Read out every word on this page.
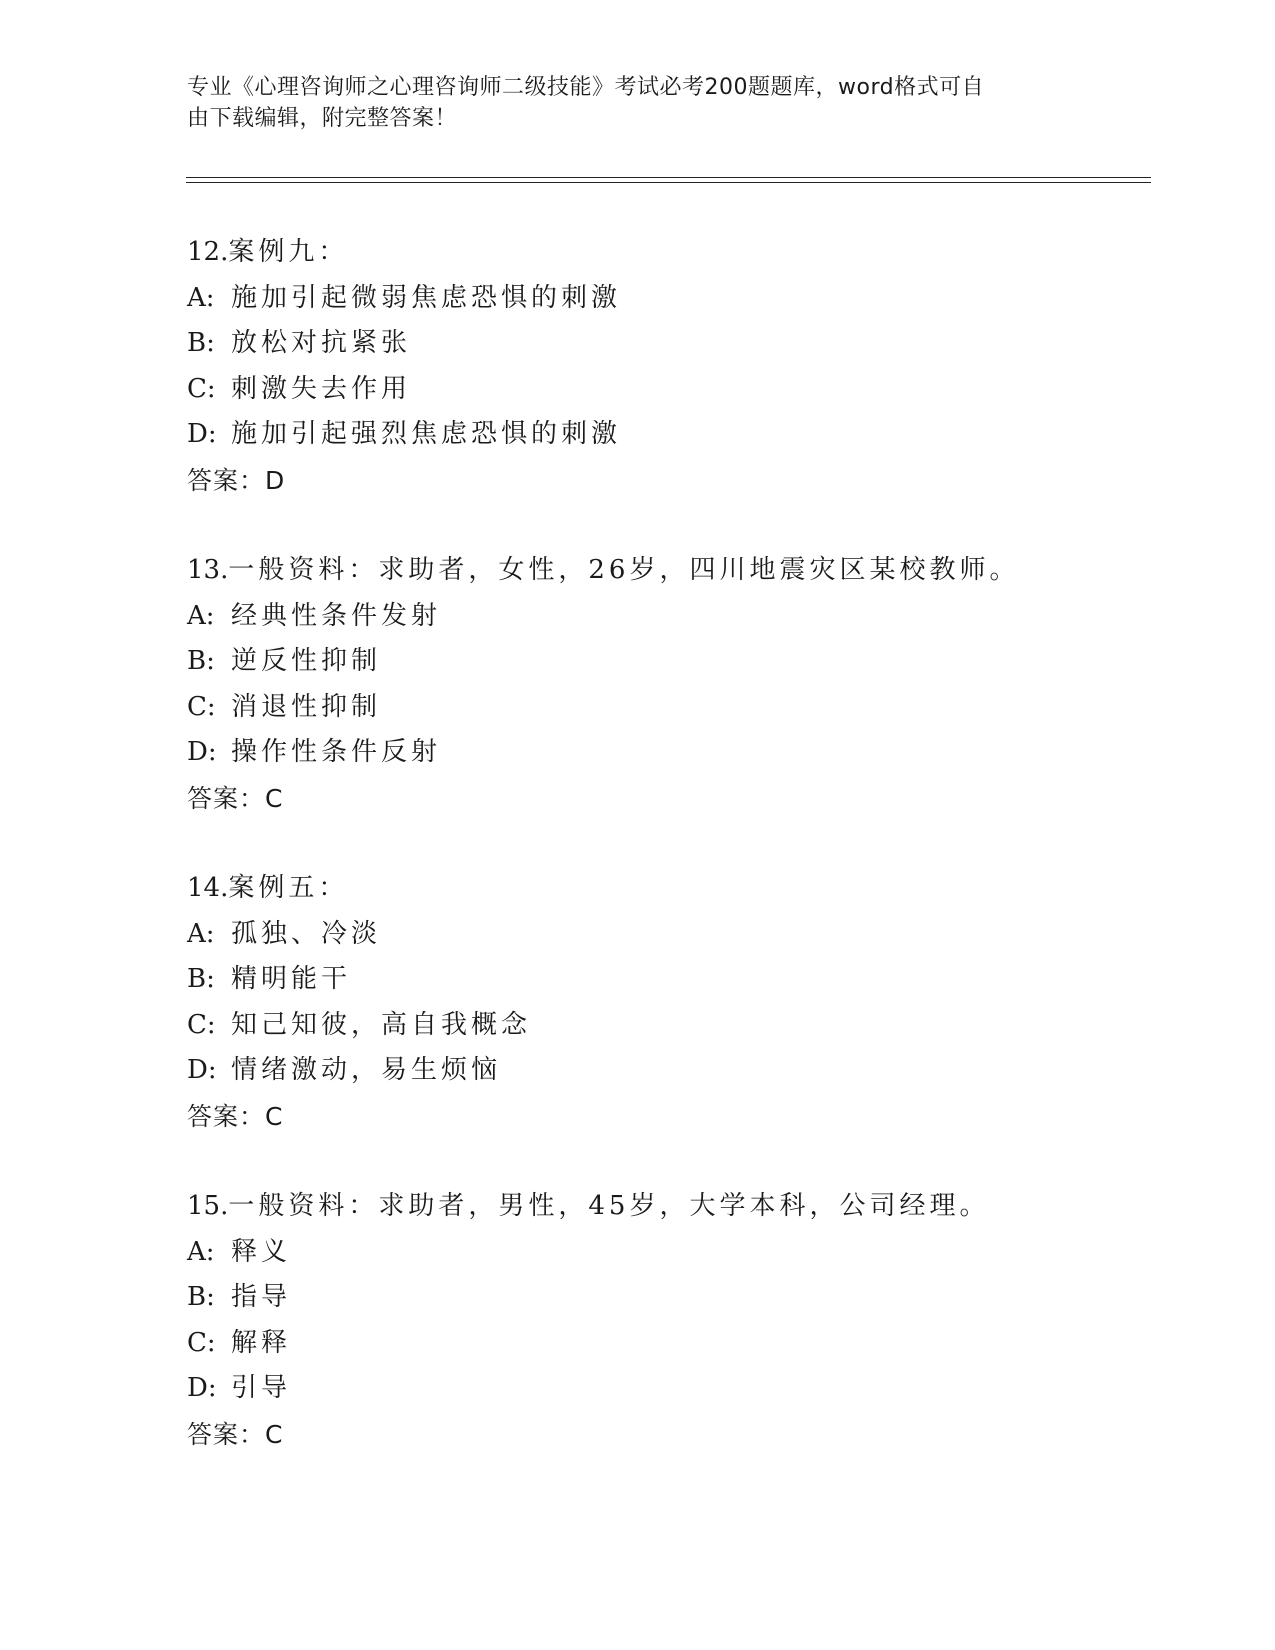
专业《心理咨询师之心理咨询师二级技能》考试必考200题题库，word格式可自
由下载编辑，附完整答案！
12.案例九：
A: 施加引起微弱焦虑恐惧的刺激
B: 放松对抗紧张
C: 刺激失去作用
D: 施加引起强烈焦虑恐惧的刺激
答案：D
13.一般资料：求助者，女性，26岁，四川地震灾区某校教师。
A: 经典性条件发射
B: 逆反性抑制
C: 消退性抑制
D: 操作性条件反射
答案：C
14.案例五：
A: 孤独、冷淡
B: 精明能干
C: 知己知彼，高自我概念
D: 情绪激动，易生烦恼
答案：C
15.一般资料：求助者，男性，45岁，大学本科，公司经理。
A: 释义
B: 指导
C: 解释
D: 引导
答案：C
